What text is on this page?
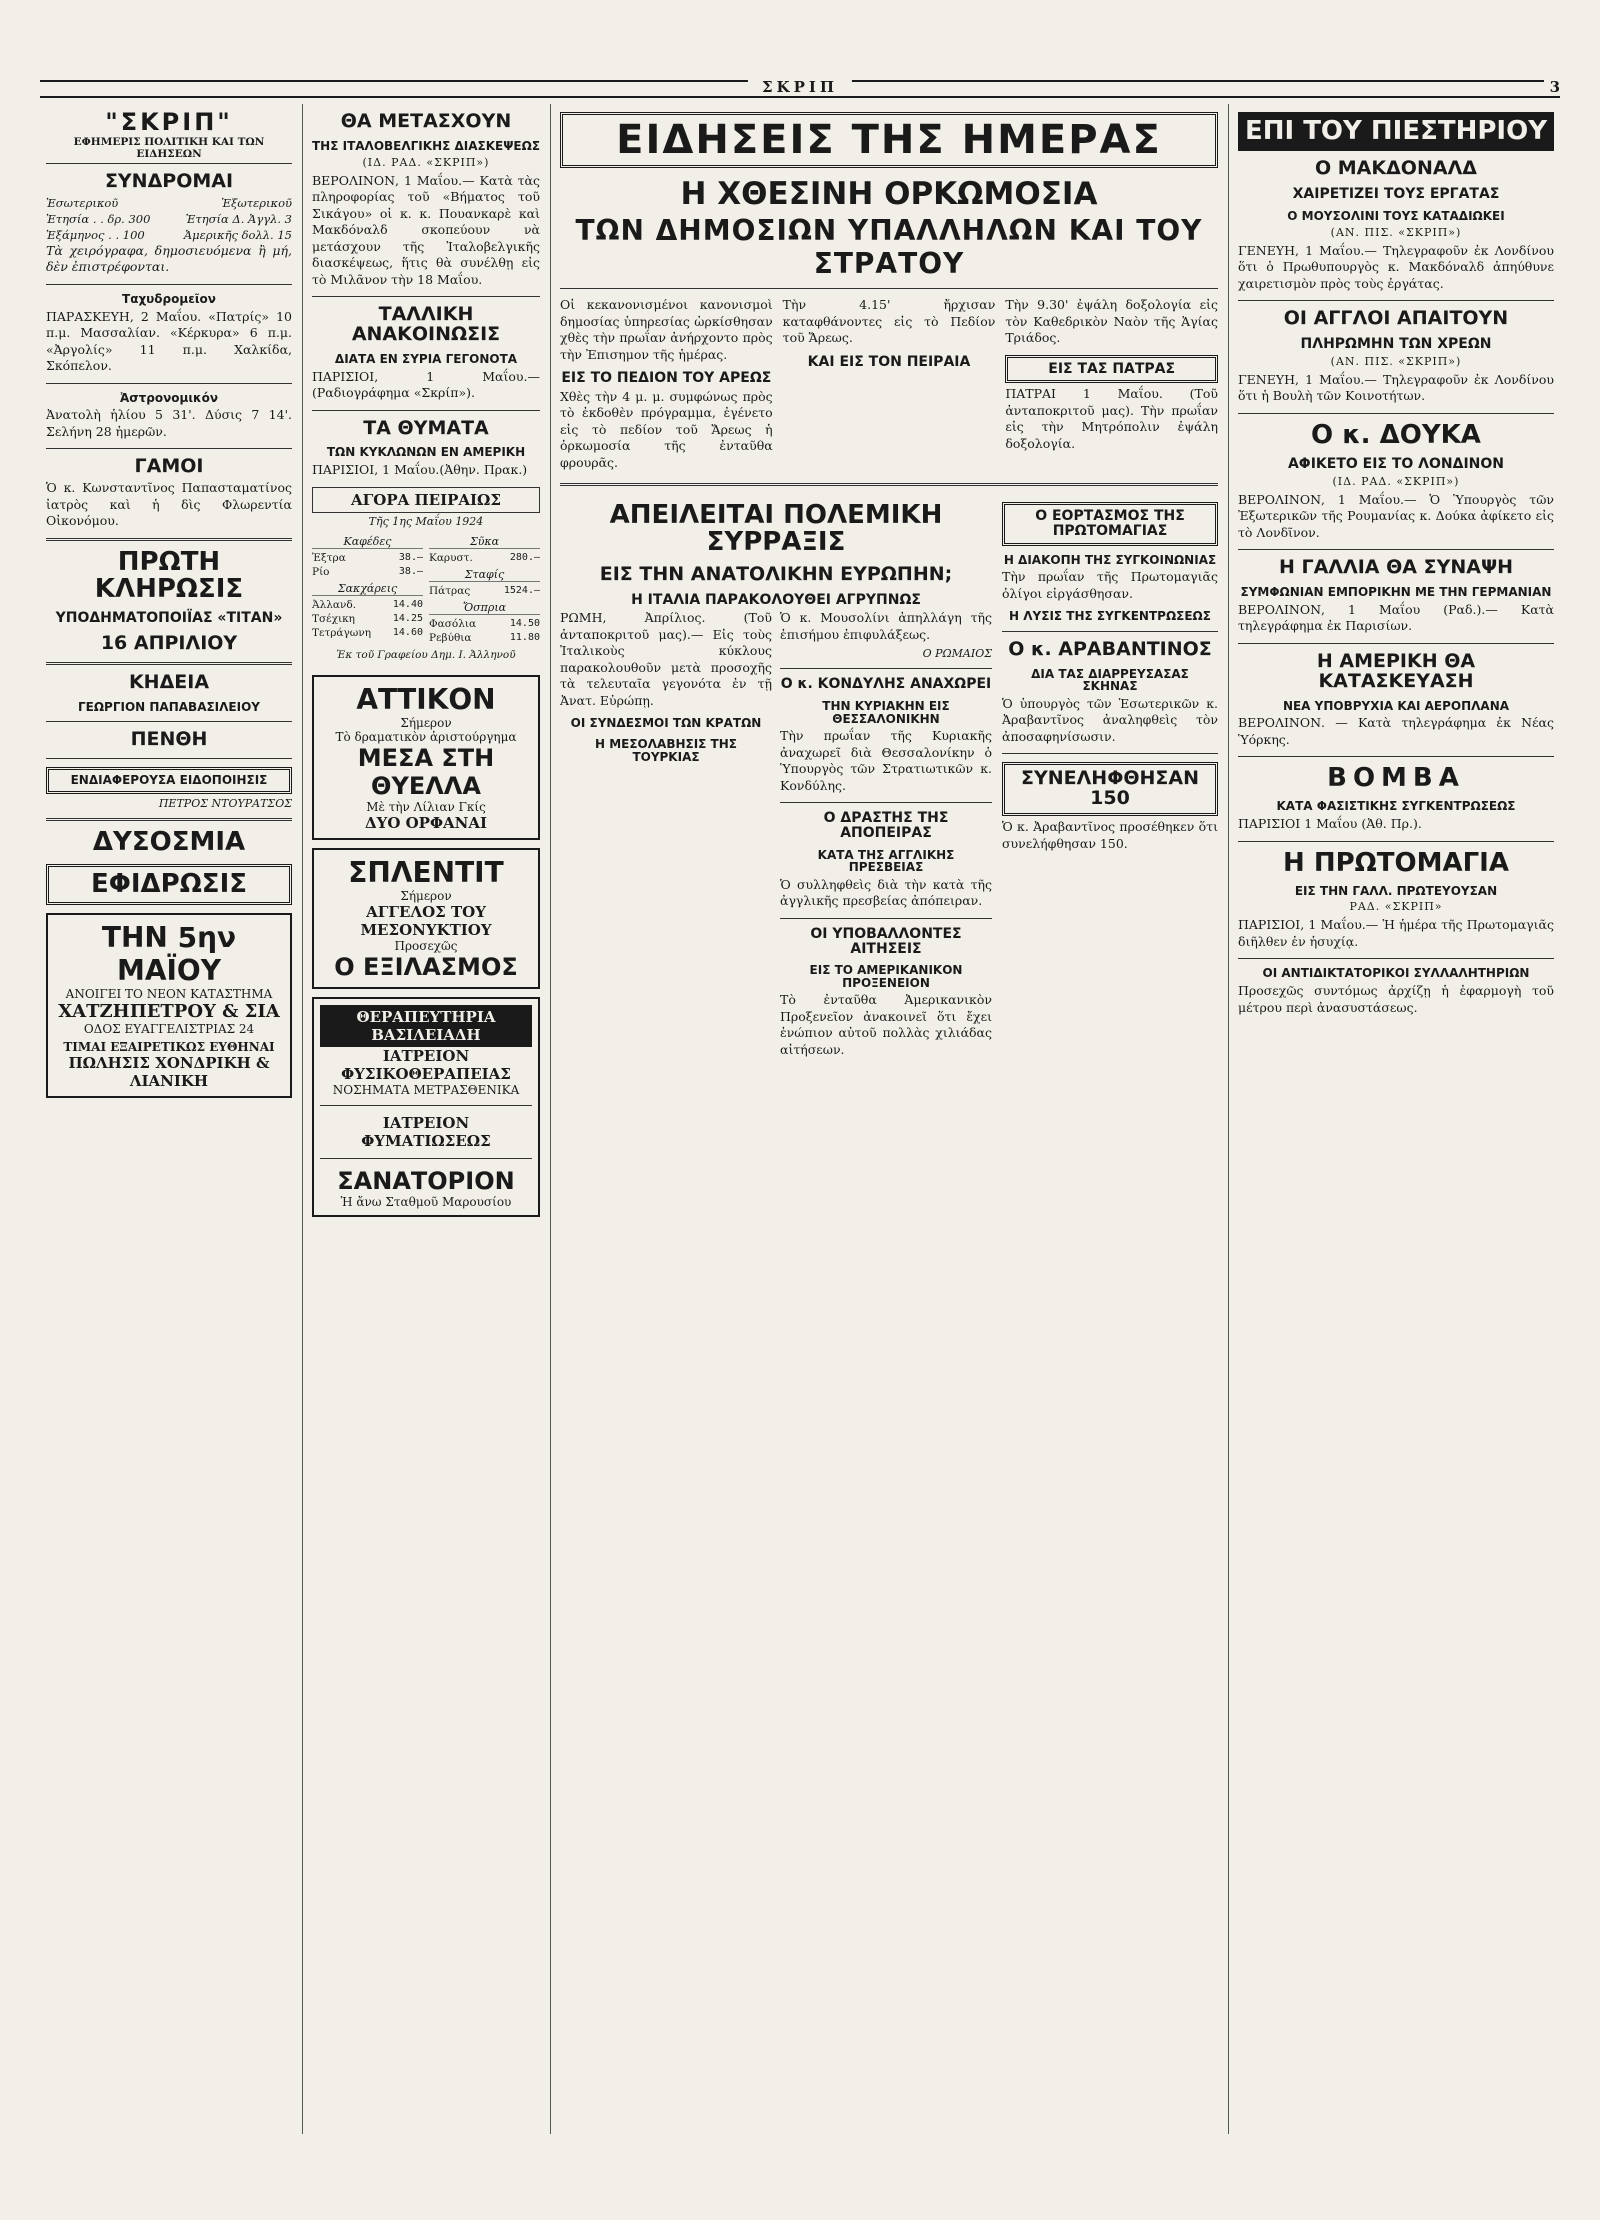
ΣΚΡΙΠ	3
"ΣΚΡΙΠ"
ΕΦΗΜΕΡΙΣ ΠΟΛΙΤΙΚΗ ΚΑΙ ΤΩΝ ΕΙΔΗΣΕΩΝ
ΣΥΝΔΡΟΜΑΙ
Ἐσωτερικοῦ	Ἐξωτερικοῦ
Ἐτησία . . δρ. 300	Ἐτησία Δ. Ἀγγλ. 3
Ἑξάμηνος . . 100	Ἀμερικῆς δολλ. 15

Τὰ χειρόγραφα, δημοσιευόμενα ἢ μή, δὲν ἐπιστρέφονται.

Ταχυδρομεῖον

ΠΑΡΑΣΚΕΥΗ, 2 Μαΐου. «Πατρίς» 10 π.μ. Μασσαλίαν. «Κέρκυρα» 6 π.μ. «Ἀργολίς» 11 π.μ. Χαλκίδα, Σκόπελον.

Ἀστρονομικόν

Ἀνατολὴ ἡλίου 5 31'. Δύσις 7 14'. Σελήνη 28 ἡμερῶν.

ΓΑΜΟΙ

Ὁ κ. Κωνσταντῖνος Παπασταματίνος ἰατρὸς καὶ ἡ δὶς Φλωρεντία Οἰκονόμου.

ΠΡΩΤΗ ΚΛΗΡΩΣΙΣ
ΥΠΟΔΗΜΑΤΟΠΟΙΪΑΣ «ΤΙΤΑΝ»
16 ΑΠΡΙΛΙΟΥ
ΚΗΔΕΙΑ
ΓΕΩΡΓΙΟΝ ΠΑΠΑΒΑΣΙΛΕΙΟΥ
ΠΕΝΘΗ
ΕΝΔΙΑΦΕΡΟΥΣΑ ΕΙΔΟΠΟΙΗΣΙΣ
ΠΕΤΡΟΣ ΝΤΟΥΡΑΤΣΟΣ
ΔΥΣΟΣΜΙΑ
ΕΦΙΔΡΩΣΙΣ
ΤΗΝ 5ην ΜΑΪΟΥ
ΑΝΟΙΓΕΙ ΤΟ ΝΕΟΝ ΚΑΤΑΣΤΗΜΑ
ΧΑΤΖΗΠΕΤΡΟΥ & ΣΙΑ
ΟΔΟΣ ΕΥΑΓΓΕΛΙΣΤΡΙΑΣ 24
ΤΙΜΑΙ ΕΞΑΙΡΕΤΙΚΩΣ ΕΥΘΗΝΑΙ
ΠΩΛΗΣΙΣ ΧΟΝΔΡΙΚΗ & ΛΙΑΝΙΚΗ
ΘΑ ΜΕΤΑΣΧΟΥΝ
ΤΗΣ ΙΤΑΛΟΒΕΛΓΙΚΗΣ ΔΙΑΣΚΕΨΕΩΣ
(ΙΔ. ΡΑΔ. «ΣΚΡΙΠ»)

ΒΕΡΟΛΙΝΟΝ, 1 Μαΐου.— Κατὰ τὰς πληροφορίας τοῦ «Βήματος τοῦ Σικάγου» οἱ κ. κ. Πουανκαρὲ καὶ Μακδόναλδ σκοπεύουν νὰ μετάσχουν τῆς Ἰταλοβελγικῆς διασκέψεως, ἥτις θὰ συνέλθῃ εἰς τὸ Μιλᾶνον τὴν 18 Μαΐου.

ΤΑΛΛΙΚΗ ΑΝΑΚΟΙΝΩΣΙΣ
ΔΙΑΤΑ ΕΝ ΣΥΡΙΑ ΓΕΓΟΝΟΤΑ

ΠΑΡΙΣΙΟΙ, 1 Μαΐου.— (Ραδιογράφημα «Σκρίπ»).

ΤΑ ΘΥΜΑΤΑ
ΤΩΝ ΚΥΚΛΩΝΩΝ ΕΝ ΑΜΕΡΙΚΗ

ΠΑΡΙΣΙΟΙ, 1 Μαΐου.(Ἀθην. Πρακ.)

ΑΓΟΡΑ ΠΕΙΡΑΙΩΣ
Τῆς 1ης Μαΐου 1924
Καφέδες
Ἐξτρα	38.—
Ρίο	38.—
Σακχάρεις
Ἀλλανδ.	14.40
Τσέχικη	14.25
Τετράγωνη 14.60
Σῦκα
Καρυστ.	280.—
Σταφίς
Πάτρας	1524.—
Ὄσπρια
Φασόλια	14.50
Ρεβύθια	11.80
Ἐκ τοῦ Γραφείου Δημ. Ι. Ἀλληνοῦ
ΑΤΤΙΚΟΝ
Σήμερον
Τὸ δραματικὸν ἀριστούργημα
ΜΕΣΑ ΣΤΗ ΘΥΕΛΛΑ
Μὲ τὴν Λίλιαν Γκίς
ΔΥΟ ΟΡΦΑΝΑΙ
ΣΠΛΕΝΤΙΤ
Σήμερον
ΑΓΓΕΛΟΣ ΤΟΥ ΜΕΣΟΝΥΚΤΙΟΥ
Προσεχῶς
Ο ΕΞΙΛΑΣΜΟΣ
ΘΕΡΑΠΕΥΤΗΡΙΑ ΒΑΣΙΛΕΙΑΔΗ
ΙΑΤΡΕΙΟΝ
ΦΥΣΙΚΟΘΕΡΑΠΕΙΑΣ
ΝΟΣΗΜΑΤΑ ΜΕΤΡΑΣΘΕΝΙΚΑ
ΙΑΤΡΕΙΟΝ
ΦΥΜΑΤΙΩΣΕΩΣ
ΣΑΝΑΤΟΡΙΟΝ
Ἡ ἄνω Σταθμοῦ Μαρουσίου
ΕΙΔΗΣΕΙΣ ΤΗΣ ΗΜΕΡΑΣ
Η ΧΘΕΣΙΝΗ ΟΡΚΩΜΟΣΙΑ
ΤΩΝ ΔΗΜΟΣΙΩΝ ΥΠΑΛΛΗΛΩΝ ΚΑΙ ΤΟΥ ΣΤΡΑΤΟΥ

Οἱ κεκανονισμένοι κανονισμοὶ δημοσίας ὑπηρεσίας ὡρκίσθησαν χθὲς τὴν πρωΐαν ἀνήρχοντο πρὸς τὴν Ἐπισημον τῆς ἡμέρας.

ΕΙΣ ΤΟ ΠΕΔΙΟΝ ΤΟΥ ΑΡΕΩΣ

Χθὲς τὴν 4 μ. μ. συμφώνως πρὸς τὸ ἐκδοθὲν πρόγραμμα, ἐγένετο εἰς τὸ πεδίον τοῦ Ἄρεως ἡ ὁρκωμοσία τῆς ἐνταῦθα φρουρᾶς.

Τὴν 4.15' ἤρχισαν καταφθάνοντες εἰς τὸ Πεδίον τοῦ Ἄρεως.

ΚΑΙ ΕΙΣ ΤΟΝ ΠΕΙΡΑΙΑ

Τὴν 9.30' ἐψάλη δοξολογία εἰς τὸν Καθεδρικὸν Ναὸν τῆς Ἁγίας Τριάδος.

ΕΙΣ ΤΑΣ ΠΑΤΡΑΣ

ΠΑΤΡΑΙ 1 Μαΐου. (Τοῦ ἀνταποκριτοῦ μας). Τὴν πρωΐαν εἰς τὴν Μητρόπολιν ἐψάλη δοξολογία.

ΑΠΕΙΛΕΙΤΑΙ ΠΟΛΕΜΙΚΗ ΣΥΡΡΑΞΙΣ
ΕΙΣ ΤΗΝ ΑΝΑΤΟΛΙΚΗΝ ΕΥΡΩΠΗΝ;
Η ΙΤΑΛΙΑ ΠΑΡΑΚΟΛΟΥΘΕΙ ΑΓΡΥΠΝΩΣ

ΡΩΜΗ, Ἀπρίλιος. (Τοῦ ἀνταποκριτοῦ μας).— Εἰς τοὺς Ἰταλικοὺς κύκλους παρακολουθοῦν μετὰ προσοχῆς τὰ τελευταῖα γεγονότα ἐν τῇ Ἀνατ. Εὐρώπῃ.

ΟΙ ΣΥΝΔΕΣΜΟΙ ΤΩΝ ΚΡΑΤΩΝ
Η ΜΕΣΟΛΑΒΗΣΙΣ ΤΗΣ ΤΟΥΡΚΙΑΣ

Ὁ κ. Μουσολίνι ἀπηλλάγη τῆς ἐπισήμου ἐπιφυλάξεως.

Ο ΡΩΜΑΙΟΣ
Ο κ. ΚΟΝΔΥΛΗΣ ΑΝΑΧΩΡΕΙ
ΤΗΝ ΚΥΡΙΑΚΗΝ ΕΙΣ ΘΕΣΣΑΛΟΝΙΚΗΝ

Τὴν πρωΐαν τῆς Κυριακῆς ἀναχωρεῖ διὰ Θεσσαλονίκην ὁ Ὑπουργὸς τῶν Στρατιωτικῶν κ. Κονδύλης.

Ο ΔΡΑΣΤΗΣ ΤΗΣ ΑΠΟΠΕΙΡΑΣ
ΚΑΤΑ ΤΗΣ ΑΓΓΛΙΚΗΣ ΠΡΕΣΒΕΙΑΣ

Ὁ συλληφθεὶς διὰ τὴν κατὰ τῆς ἀγγλικῆς πρεσβείας ἀπόπειραν.

ΟΙ ΥΠΟΒΑΛΛΟΝΤΕΣ ΑΙΤΗΣΕΙΣ
ΕΙΣ ΤΟ ΑΜΕΡΙΚΑΝΙΚΟΝ ΠΡΟΞΕΝΕΙΟΝ

Τὸ ἐνταῦθα Ἀμερικανικὸν Προξενεῖον ἀνακοινεῖ ὅτι ἔχει ἐνώπιον αὐτοῦ πολλὰς χιλιάδας αἰτήσεων.

Ο ΕΟΡΤΑΣΜΟΣ ΤΗΣ ΠΡΩΤΟΜΑΓΙΑΣ
Η ΔΙΑΚΟΠΗ ΤΗΣ ΣΥΓΚΟΙΝΩΝΙΑΣ

Τὴν πρωΐαν τῆς Πρωτομαγιᾶς ὀλίγοι εἰργάσθησαν.

Η ΛΥΣΙΣ ΤΗΣ ΣΥΓΚΕΝΤΡΩΣΕΩΣ
Ο κ. ΑΡΑΒΑΝΤΙΝΟΣ
ΔΙΑ ΤΑΣ ΔΙΑΡΡΕΥΣΑΣΑΣ ΣΚΗΝΑΣ

Ὁ ὑπουργὸς τῶν Ἐσωτερικῶν κ. Ἀραβαντῖνος ἀναληφθεὶς τὸν ἀποσαφηνίσωσιν.

ΣΥΝΕΛΗΦΘΗΣΑΝ 150

Ὁ κ. Ἀραβαντῖνος προσέθηκεν ὅτι συνελήφθησαν 150.

ΕΠΙ ΤΟΥ ΠΙΕΣΤΗΡΙΟΥ
Ο ΜΑΚΔΟΝΑΛΔ
ΧΑΙΡΕΤΙΖΕΙ ΤΟΥΣ ΕΡΓΑΤΑΣ
Ο ΜΟΥΣΟΛΙΝΙ ΤΟΥΣ ΚΑΤΑΔΙΩΚΕΙ
(ΑΝ. ΠΙΣ. «ΣΚΡΙΠ»)

ΓΕΝΕΥΗ, 1 Μαΐου.— Τηλεγραφοῦν ἐκ Λονδίνου ὅτι ὁ Πρωθυπουργὸς κ. Μακδόναλδ ἀπηύθυνε χαιρετισμὸν πρὸς τοὺς ἐργάτας.

ΟΙ ΑΓΓΛΟΙ ΑΠΑΙΤΟΥΝ
ΠΛΗΡΩΜΗΝ ΤΩΝ ΧΡΕΩΝ
(ΑΝ. ΠΙΣ. «ΣΚΡΙΠ»)

ΓΕΝΕΥΗ, 1 Μαΐου.— Τηλεγραφοῦν ἐκ Λονδίνου ὅτι ἡ Βουλὴ τῶν Κοινοτήτων.

Ο κ. ΔΟΥΚΑ
ΑΦΙΚΕΤΟ ΕΙΣ ΤΟ ΛΟΝΔΙΝΟΝ
(ΙΔ. ΡΑΔ. «ΣΚΡΙΠ»)

ΒΕΡΟΛΙΝΟΝ, 1 Μαΐου.— Ὁ Ὑπουργὸς τῶν Ἐξωτερικῶν τῆς Ρουμανίας κ. Δούκα ἀφίκετο εἰς τὸ Λονδῖνον.

Η ΓΑΛΛΙΑ ΘΑ ΣΥΝΑΨΗ
ΣΥΜΦΩΝΙΑΝ ΕΜΠΟΡΙΚΗΝ ΜΕ ΤΗΝ ΓΕΡΜΑΝΙΑΝ

ΒΕΡΟΛΙΝΟΝ, 1 Μαΐου (Ραδ.).— Κατὰ τηλεγράφημα ἐκ Παρισίων.

Η ΑΜΕΡΙΚΗ ΘΑ ΚΑΤΑΣΚΕΥΑΣΗ
ΝΕΑ ΥΠΟΒΡΥΧΙΑ ΚΑΙ ΑΕΡΟΠΛΑΝΑ

ΒΕΡΟΛΙΝΟΝ. — Κατὰ τηλεγράφημα ἐκ Νέας Ὑόρκης.

ΒΟΜΒΑ
ΚΑΤΑ ΦΑΣΙΣΤΙΚΗΣ ΣΥΓΚΕΝΤΡΩΣΕΩΣ

ΠΑΡΙΣΙΟΙ 1 Μαΐου (Ἀθ. Πρ.).

Η ΠΡΩΤΟΜΑΓΙΑ
ΕΙΣ ΤΗΝ ΓΑΛΛ. ΠΡΩΤΕΥΟΥΣΑΝ
ΡΑΔ. «ΣΚΡΙΠ»

ΠΑΡΙΣΙΟΙ, 1 Μαΐου.— Ἡ ἡμέρα τῆς Πρωτομαγιᾶς διῆλθεν ἐν ἡσυχίᾳ.

ΟΙ ΑΝΤΙΔΙΚΤΑΤΟΡΙΚΟΙ ΣΥΛΛΑΛΗΤΗΡΙΩΝ

Προσεχῶς συντόμως ἀρχίζῃ ἡ ἐφαρμογὴ τοῦ μέτρου περὶ ἀνασυστάσεως.
